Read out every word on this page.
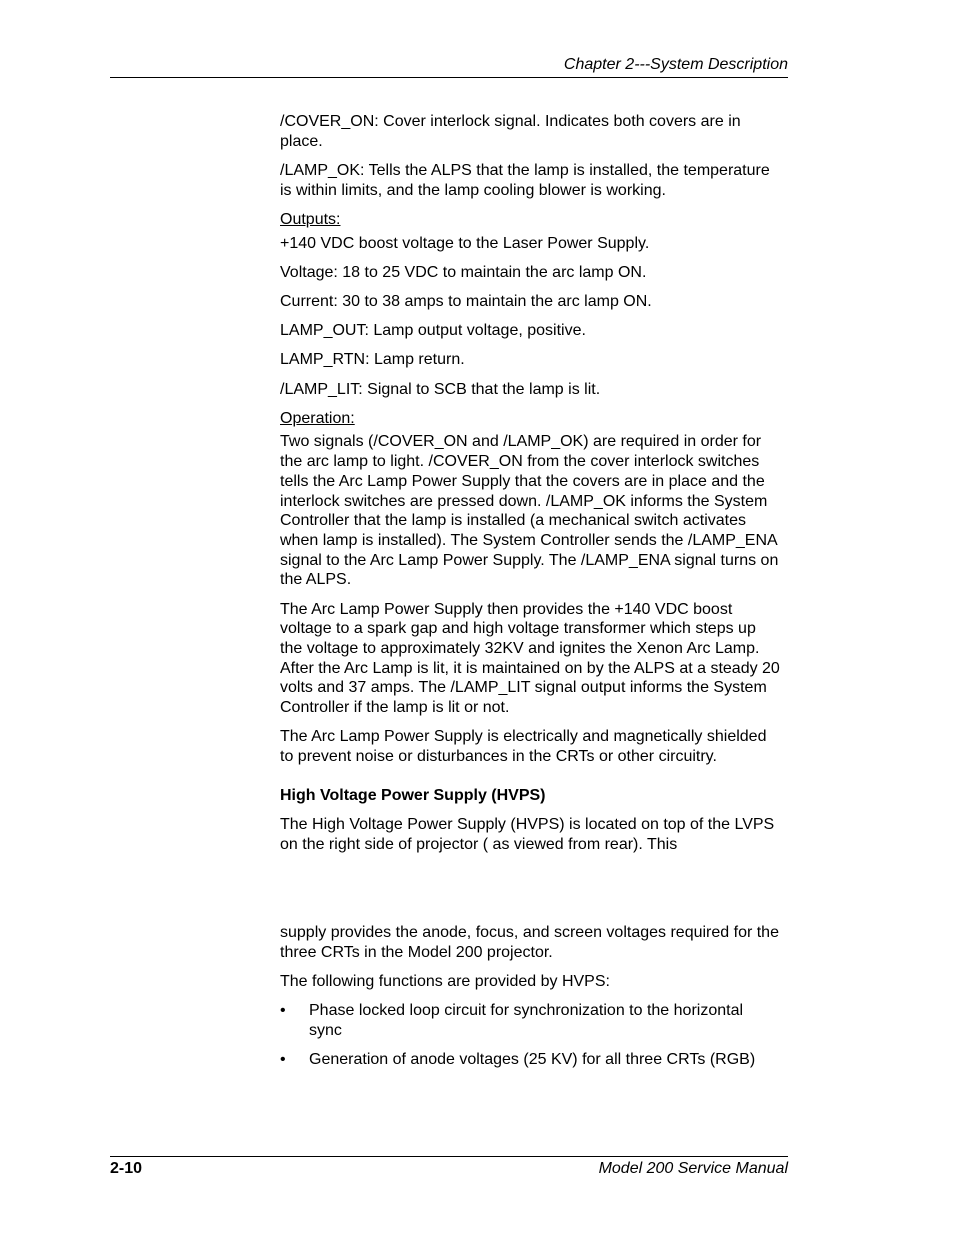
Chapter 2---System Description

/COVER_ON: Cover interlock signal. Indicates both covers are in place.

/LAMP_OK: Tells the ALPS that the lamp is installed, the temperature is within limits, and the lamp cooling blower is working.

Outputs:

+140 VDC boost voltage to the Laser Power Supply.

Voltage: 18 to 25 VDC to maintain the arc lamp ON.

Current: 30 to 38 amps to maintain the arc lamp ON.

LAMP_OUT: Lamp output voltage, positive.

LAMP_RTN: Lamp return.

/LAMP_LIT: Signal to SCB that the lamp is lit.

Operation:

Two signals (/COVER_ON and /LAMP_OK) are required in order for the arc lamp to light. /COVER_ON from the cover interlock switches tells the Arc Lamp Power Supply that the covers are in place and the interlock switches are pressed down. /LAMP_OK informs the System Controller that the lamp is installed (a mechanical switch activates when lamp is installed). The System Controller sends the /LAMP_ENA signal to the Arc Lamp Power Supply. The /LAMP_ENA signal turns on the ALPS.

The Arc Lamp Power Supply then provides the +140 VDC boost voltage to a spark gap and high voltage transformer which steps up the voltage to approximately 32KV and ignites the Xenon Arc Lamp. After the Arc Lamp is lit, it is maintained on by the ALPS at a steady 20 volts and 37 amps. The /LAMP_LIT signal output informs the System Controller if the lamp is lit or not.

The Arc Lamp Power Supply is electrically and magnetically shielded to prevent noise or disturbances in the CRTs or other circuitry.

High Voltage Power Supply (HVPS)

The High Voltage Power Supply (HVPS) is located on top of the LVPS on the right side of projector ( as viewed from rear). This

supply provides the anode, focus, and screen voltages required for the three CRTs in the Model 200 projector.

The following functions are provided by HVPS:

• Phase locked loop circuit for synchronization to the horizontal sync
• Generation of anode voltages (25 KV) for all three CRTs (RGB)
2-10	Model 200 Service Manual
